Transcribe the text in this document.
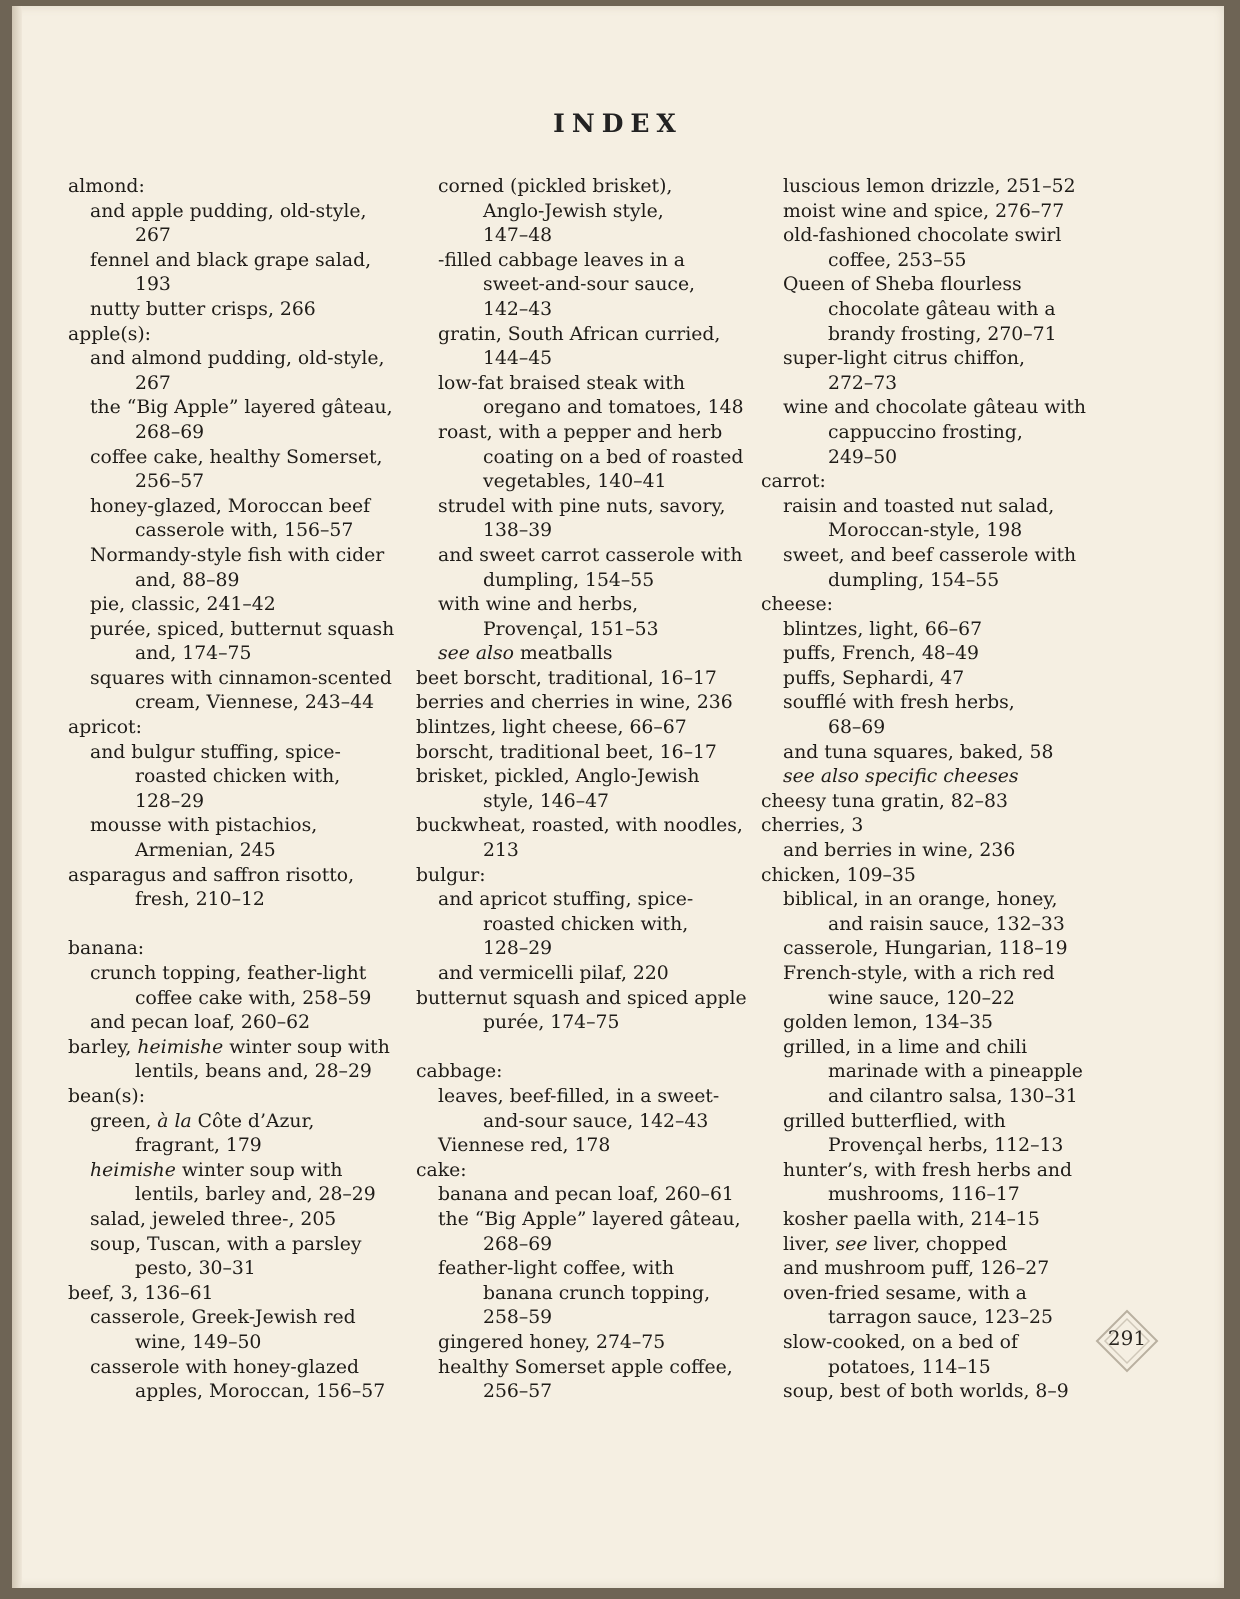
INDEX
almond:
and apple pudding, old-style,
267
fennel and black grape salad,
193
nutty butter crisps, 266
apple(s):
and almond pudding, old-style,
267
the “Big Apple” layered gâteau,
268–69
coffee cake, healthy Somerset,
256–57
honey-glazed, Moroccan beef
casserole with, 156–57
Normandy-style fish with cider
and, 88–89
pie, classic, 241–42
purée, spiced, butternut squash
and, 174–75
squares with cinnamon-scented
cream, Viennese, 243–44
apricot:
and bulgur stuffing, spice-
roasted chicken with,
128–29
mousse with pistachios,
Armenian, 245
asparagus and saffron risotto,
fresh, 210–12
banana:
crunch topping, feather-light
coffee cake with, 258–59
and pecan loaf, 260–62
barley, heimishe winter soup with
lentils, beans and, 28–29
bean(s):
green, à la Côte d’Azur,
fragrant, 179
heimishe winter soup with
lentils, barley and, 28–29
salad, jeweled three-, 205
soup, Tuscan, with a parsley
pesto, 30–31
beef, 3, 136–61
casserole, Greek-Jewish red
wine, 149–50
casserole with honey-glazed
apples, Moroccan, 156–57
corned (pickled brisket),
Anglo-Jewish style,
147–48
-filled cabbage leaves in a
sweet-and-sour sauce,
142–43
gratin, South African curried,
144–45
low-fat braised steak with
oregano and tomatoes, 148
roast, with a pepper and herb
coating on a bed of roasted
vegetables, 140–41
strudel with pine nuts, savory,
138–39
and sweet carrot casserole with
dumpling, 154–55
with wine and herbs,
Provençal, 151–53
see also meatballs
beet borscht, traditional, 16–17
berries and cherries in wine, 236
blintzes, light cheese, 66–67
borscht, traditional beet, 16–17
brisket, pickled, Anglo-Jewish
style, 146–47
buckwheat, roasted, with noodles,
213
bulgur:
and apricot stuffing, spice-
roasted chicken with,
128–29
and vermicelli pilaf, 220
butternut squash and spiced apple
purée, 174–75
cabbage:
leaves, beef-filled, in a sweet-
and-sour sauce, 142–43
Viennese red, 178
cake:
banana and pecan loaf, 260–61
the “Big Apple” layered gâteau,
268–69
feather-light coffee, with
banana crunch topping,
258–59
gingered honey, 274–75
healthy Somerset apple coffee,
256–57
luscious lemon drizzle, 251–52
moist wine and spice, 276–77
old-fashioned chocolate swirl
coffee, 253–55
Queen of Sheba flourless
chocolate gâteau with a
brandy frosting, 270–71
super-light citrus chiffon,
272–73
wine and chocolate gâteau with
cappuccino frosting,
249–50
carrot:
raisin and toasted nut salad,
Moroccan-style, 198
sweet, and beef casserole with
dumpling, 154–55
cheese:
blintzes, light, 66–67
puffs, French, 48–49
puffs, Sephardi, 47
soufflé with fresh herbs,
68–69
and tuna squares, baked, 58
see also specific cheeses
cheesy tuna gratin, 82–83
cherries, 3
and berries in wine, 236
chicken, 109–35
biblical, in an orange, honey,
and raisin sauce, 132–33
casserole, Hungarian, 118–19
French-style, with a rich red
wine sauce, 120–22
golden lemon, 134–35
grilled, in a lime and chili
marinade with a pineapple
and cilantro salsa, 130–31
grilled butterflied, with
Provençal herbs, 112–13
hunter’s, with fresh herbs and
mushrooms, 116–17
kosher paella with, 214–15
liver, see liver, chopped
and mushroom puff, 126–27
oven-fried sesame, with a
tarragon sauce, 123–25
slow-cooked, on a bed of
potatoes, 114–15
soup, best of both worlds, 8–9
291
